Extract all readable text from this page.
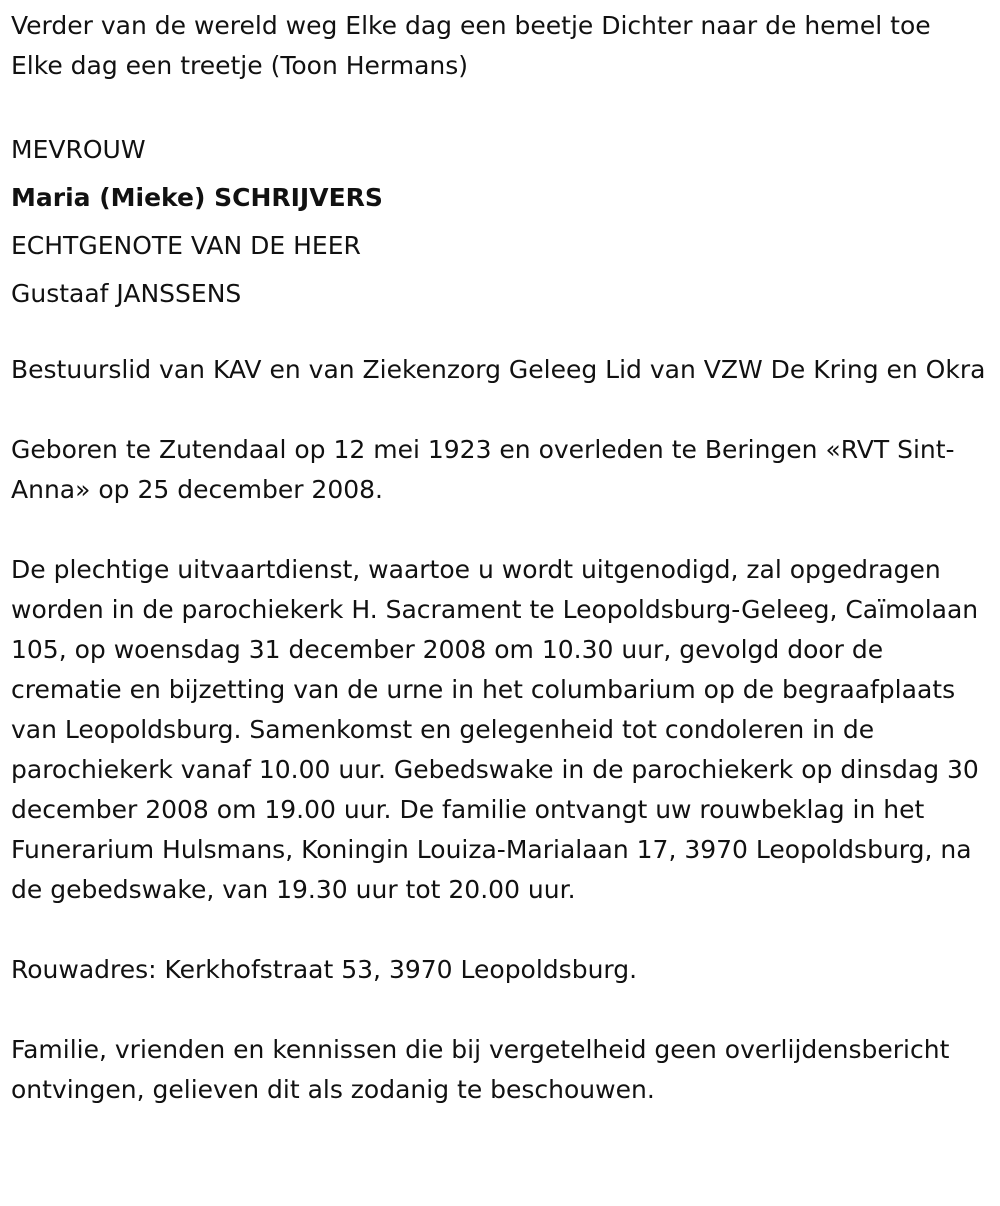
Verder van de wereld weg Elke dag een beetje Dichter naar de hemel toe Elke dag een treetje (Toon Hermans)

MEVROUW

Maria (Mieke) SCHRIJVERS

ECHTGENOTE VAN DE HEER

Gustaaf JANSSENS

Bestuurslid van KAV en van Ziekenzorg Geleeg Lid van VZW De Kring en Okra

Geboren te Zutendaal op 12 mei 1923 en overleden te Beringen «RVT Sint-Anna» op 25 december 2008.

De plechtige uitvaartdienst, waartoe u wordt uitgenodigd, zal opgedragen worden in de parochiekerk H. Sacrament te Leopoldsburg-Geleeg, Caïmolaan 105, op woensdag 31 december 2008 om 10.30 uur, gevolgd door de crematie en bijzetting van de urne in het columbarium op de begraafplaats van Leopoldsburg. Samenkomst en gelegenheid tot condoleren in de parochiekerk vanaf 10.00 uur. Gebedswake in de parochiekerk op dinsdag 30 december 2008 om 19.00 uur. De familie ontvangt uw rouwbeklag in het Funerarium Hulsmans, Koningin Louiza-Marialaan 17, 3970 Leopoldsburg, na de gebedswake, van 19.30 uur tot 20.00 uur.

Rouwadres: Kerkhofstraat 53, 3970 Leopoldsburg.

Familie, vrienden en kennissen die bij vergetelheid geen overlijdensbericht ontvingen, gelieven dit als zodanig te beschouwen.
